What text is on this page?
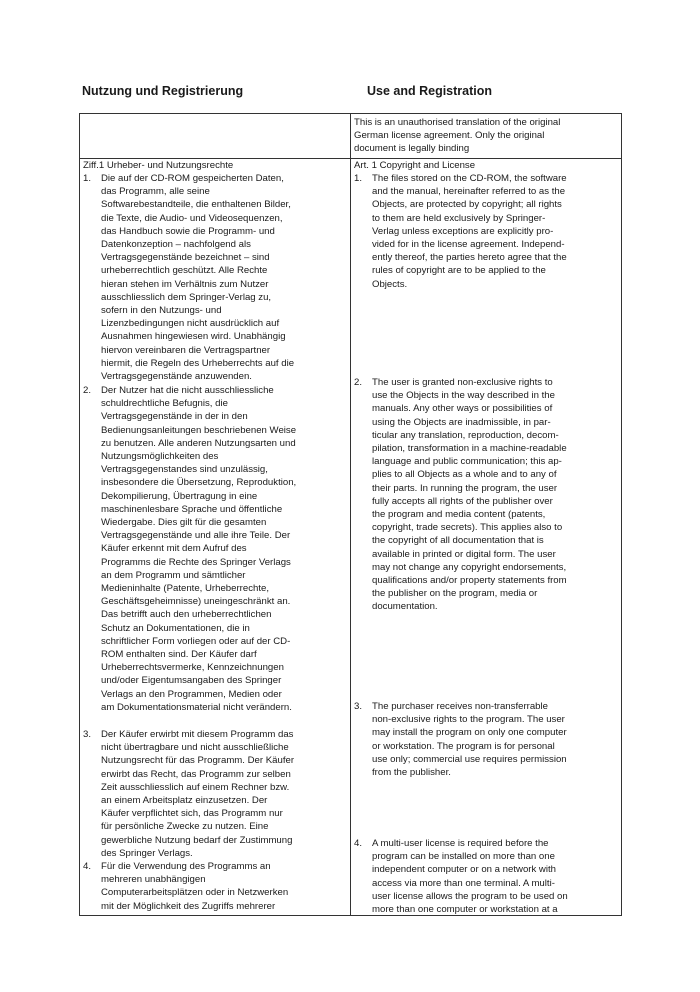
Nutzung und Registrierung	Use and Registration
This is an unauthorised translation of the original
German license agreement. Only the original
document is legally binding
Ziff.1 Urheber- und Nutzungsrechte	Art. 1 Copyright and License
1. Die auf der CD-ROM gespeicherten Daten,
das Programm, alle seine
Softwarebestandteile, die enthaltenen Bilder,
die Texte, die Audio- und Videosequenzen,
das Handbuch sowie die Programm- und
Datenkonzeption – nachfolgend als
Vertragsgegenstände bezeichnet – sind
urheberrechtlich geschützt. Alle Rechte
hieran stehen im Verhältnis zum Nutzer
ausschliesslich dem Springer-Verlag zu,
sofern in den Nutzungs- und
Lizenzbedingungen nicht ausdrücklich auf
Ausnahmen hingewiesen wird. Unabhängig
hiervon vereinbaren die Vertragspartner
hiermit, die Regeln des Urheberrechts auf die
Vertragsgegenstände anzuwenden.
2. Der Nutzer hat die nicht ausschliessliche
schuldrechtliche Befugnis, die
Vertragsgegenstände in der in den
Bedienungsanleitungen beschriebenen Weise
zu benutzen. Alle anderen Nutzungsarten und
Nutzungsmöglichkeiten des
Vertragsgegenstandes sind unzulässig,
insbesondere die Übersetzung, Reproduktion,
Dekompilierung, Übertragung in eine
maschinenlesbare Sprache und öffentliche
Wiedergabe. Dies gilt für die gesamten
Vertragsgegenstände und alle ihre Teile. Der
Käufer erkennt mit dem Aufruf des
Programms die Rechte des Springer Verlags
an dem Programm und sämtlicher
Medieninhalte (Patente, Urheberrechte,
Geschäftsgeheimnisse) uneingeschränkt an.
Das betrifft auch den urheberrechtlichen
Schutz an Dokumentationen, die in
schriftlicher Form vorliegen oder auf der CD-
ROM enthalten sind. Der Käufer darf
Urheberrechtsvermerke, Kennzeichnungen
und/oder Eigentumsangaben des Springer
Verlags an den Programmen, Medien oder
am Dokumentationsmaterial nicht verändern.
3. Der Käufer erwirbt mit diesem Programm das
nicht übertragbare und nicht ausschließliche
Nutzungsrecht für das Programm. Der Käufer
erwirbt das Recht, das Programm zur selben
Zeit ausschliesslich auf einem Rechner bzw.
an einem Arbeitsplatz einzusetzen. Der
Käufer verpflichtet sich, das Programm nur
für persönliche Zwecke zu nutzen. Eine
gewerbliche Nutzung bedarf der Zustimmung
des Springer Verlags.
4. Für die Verwendung des Programms an
mehreren unabhängigen
Computerarbeitsplätzen oder in Netzwerken
mit der Möglichkeit des Zugriffs mehrerer
1. The files stored on the CD-ROM, the software
and the manual, hereinafter referred to as the
Objects, are protected by copyright; all rights
to them are held exclusively by Springer-
Verlag unless exceptions are explicitly pro-
vided for in the license agreement. Independ-
ently thereof, the parties hereto agree that the
rules of copyright are to be applied to the
Objects.
2. The user is granted non-exclusive rights to
use the Objects in the way described in the
manuals. Any other ways or possibilities of
using the Objects are inadmissible, in par-
ticular any translation, reproduction, decom-
pilation, transformation in a machine-readable
language and public communication; this ap-
plies to all Objects as a whole and to any of
their parts. In running the program, the user
fully accepts all rights of the publisher over
the program and media content (patents,
copyright, trade secrets). This applies also to
the copyright of all documentation that is
available in printed or digital form. The user
may not change any copyright endorsements,
qualifications and/or property statements from
the publisher on the program, media or
documentation.
3. The purchaser receives non-transferrable
non-exclusive rights to the program. The user
may install the program on only one computer
or workstation. The program is for personal
use only; commercial use requires permission
from the publisher.
4. A multi-user license is required before the
program can be installed on more than one
independent computer or on a network with
access via more than one terminal. A multi-
user license allows the program to be used on
more than one computer or workstation at a
